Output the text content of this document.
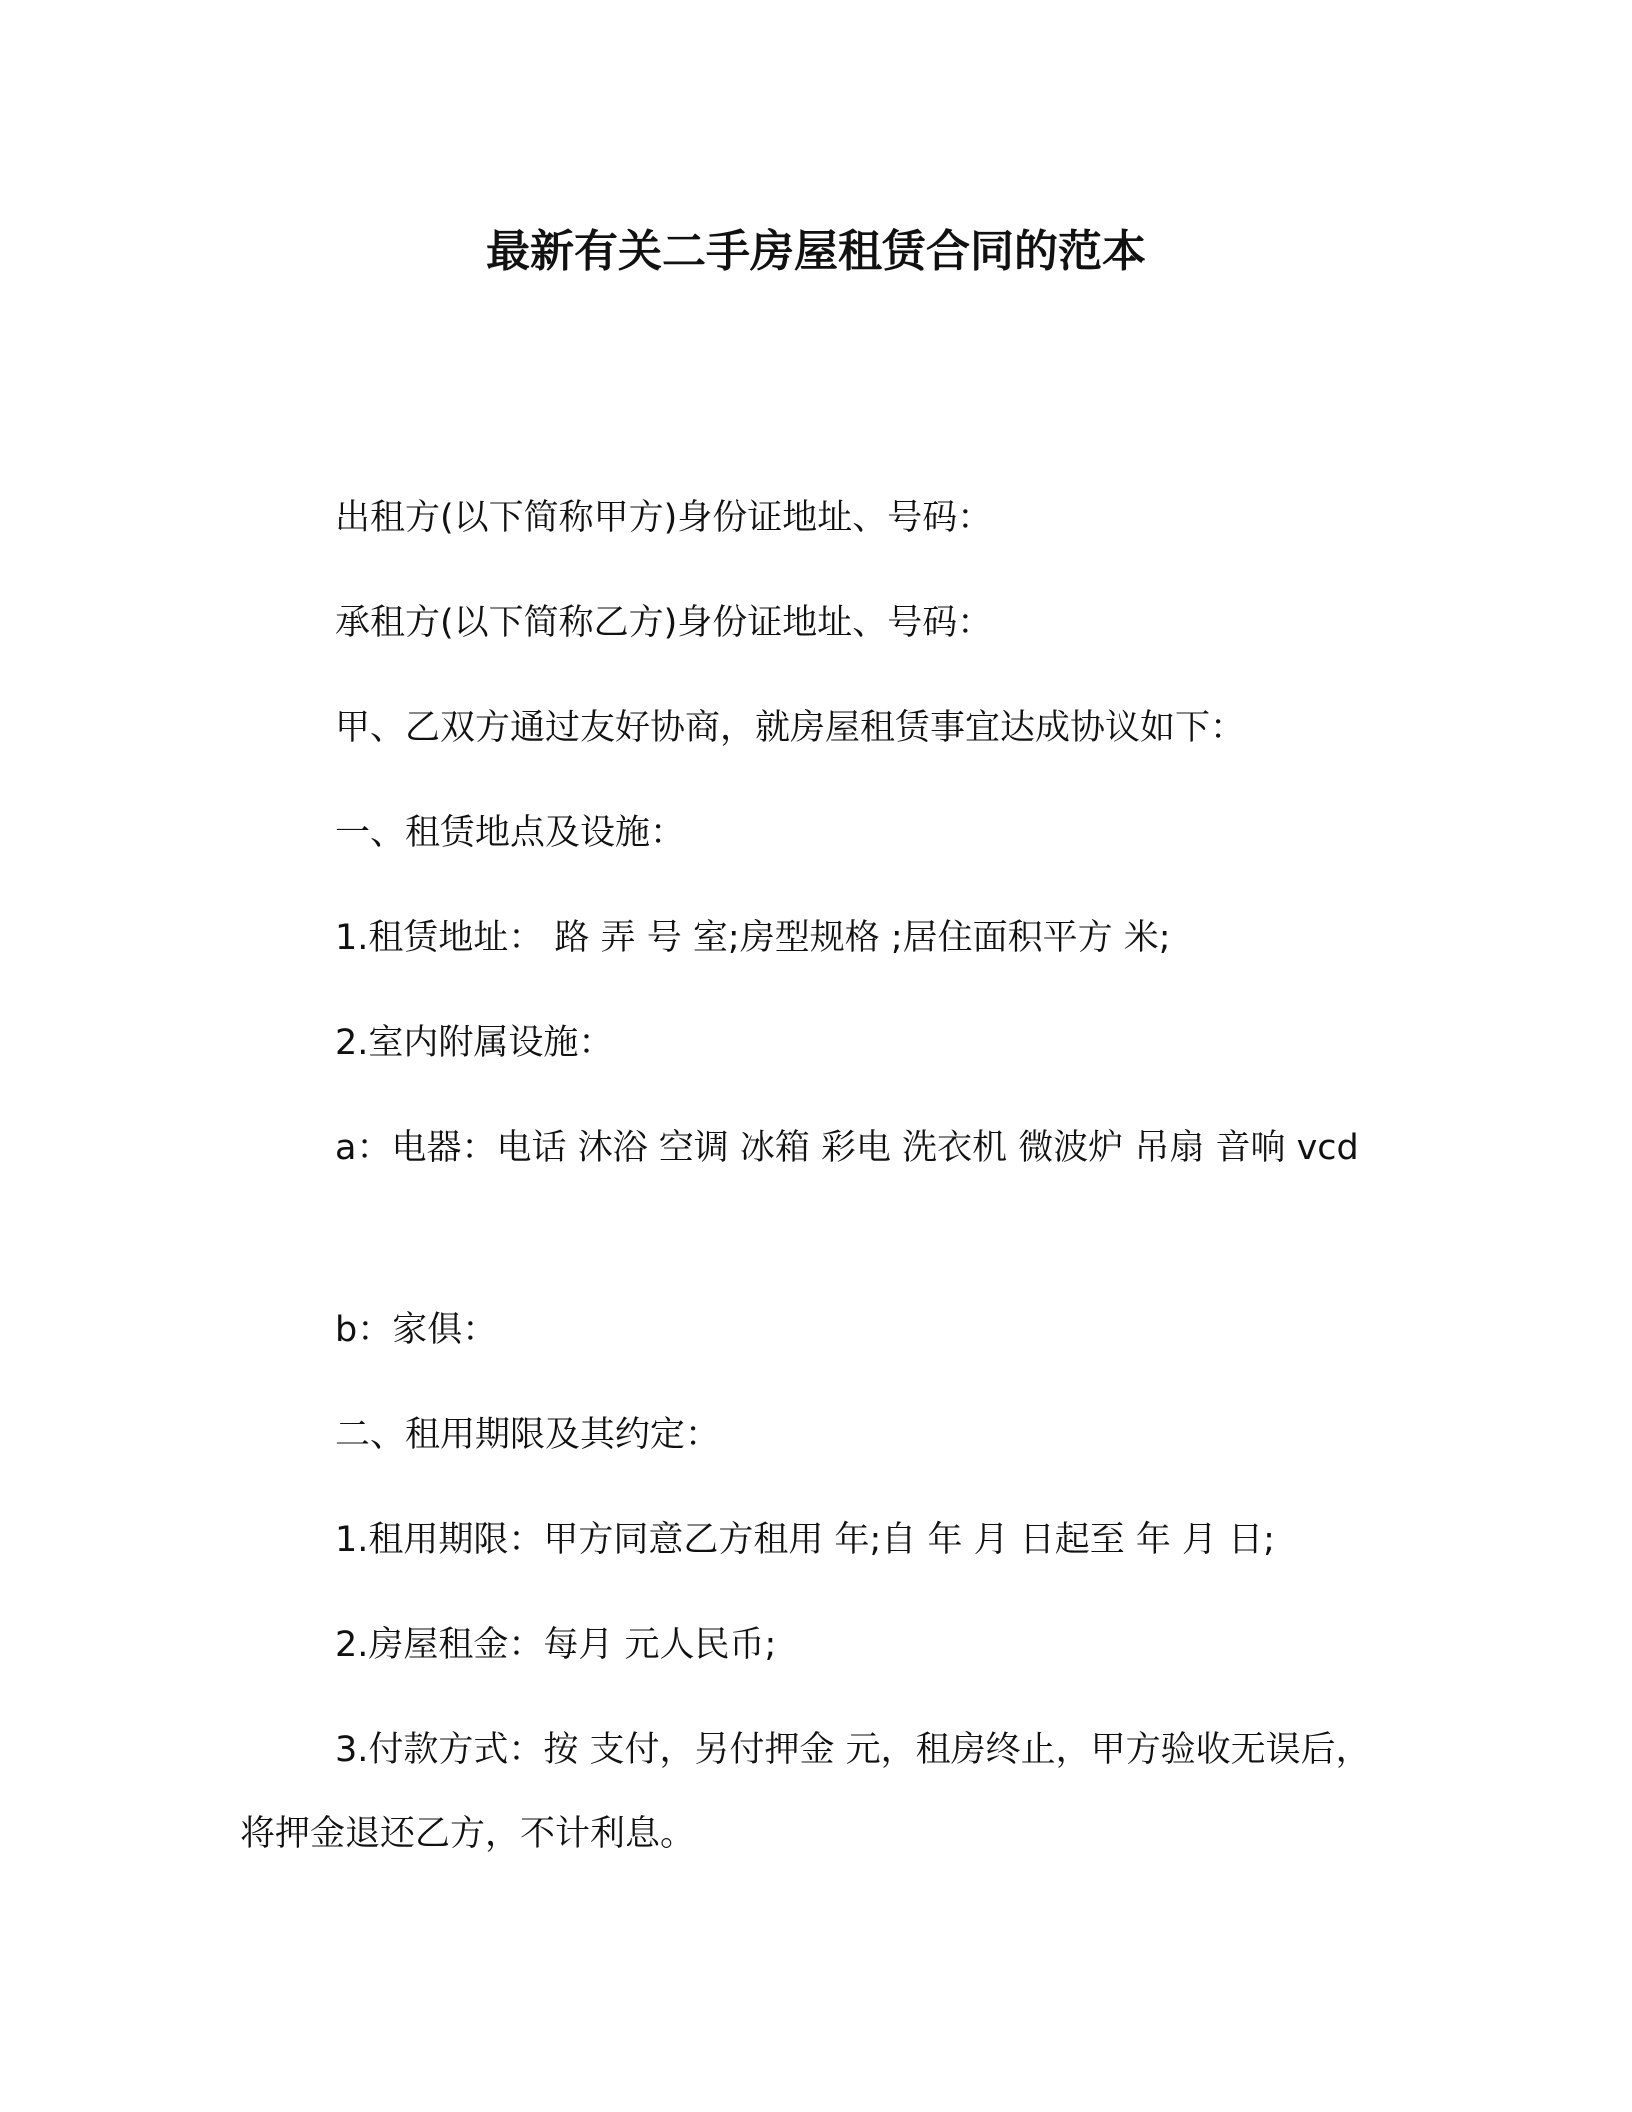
最新有关二手房屋租赁合同的范本

出租方(以下简称甲方)身份证地址、号码：

承租方(以下简称乙方)身份证地址、号码：

甲、乙双方通过友好协商，就房屋租赁事宜达成协议如下：

一、租赁地点及设施：

1.租赁地址： 路 弄 号 室;房型规格 ;居住面积平方 米;

2.室内附属设施：

a：电器：电话 沐浴 空调 冰箱 彩电 洗衣机 微波炉 吊扇 音响 vcd

b：家俱：

二、租用期限及其约定：

1.租用期限：甲方同意乙方租用 年;自 年 月 日起至 年 月 日;

2.房屋租金：每月 元人民币;

3.付款方式：按 支付，另付押金 元，租房终止，甲方验收无误后，将押金退还乙方，不计利息。
